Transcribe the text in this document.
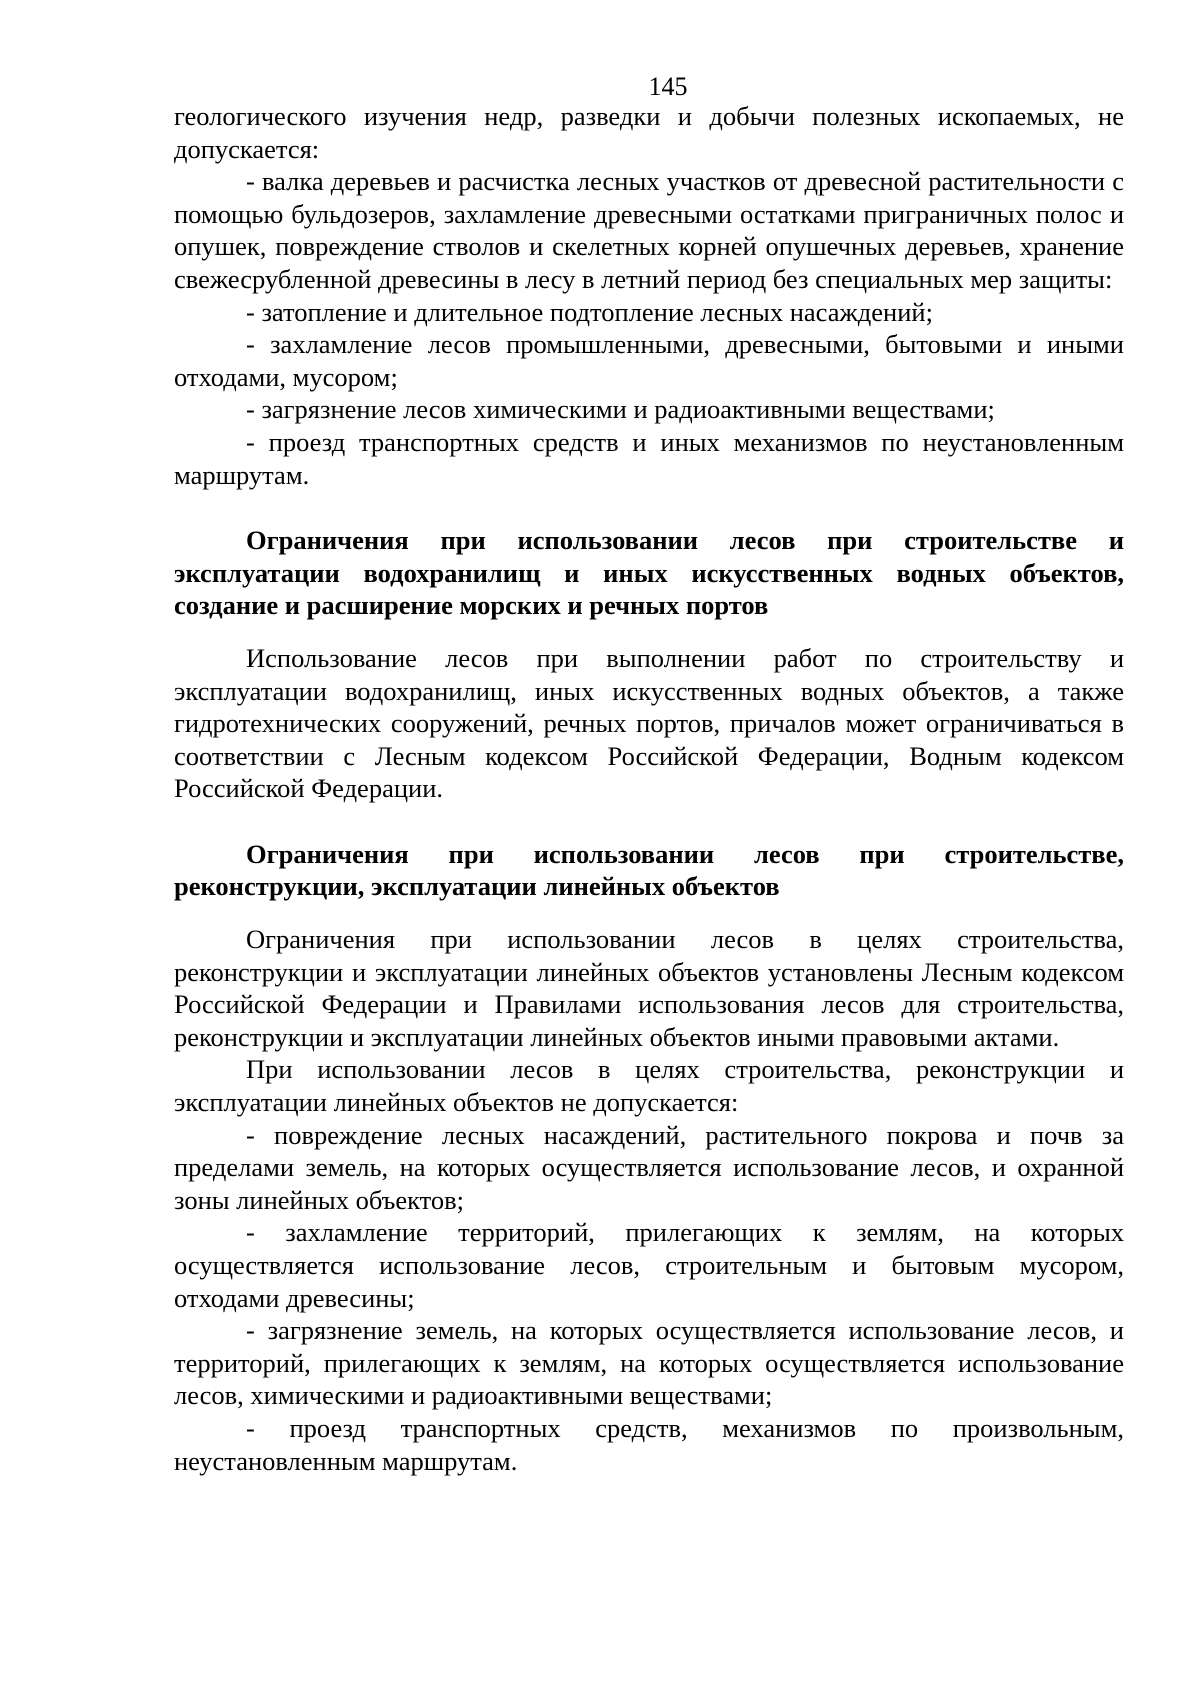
145

геологического изучения недр, разведки и добычи полезных ископаемых, не допускается:

- валка деревьев и расчистка лесных участков от древесной растительности с помощью бульдозеров, захламление древесными остатками приграничных полос и опушек, повреждение стволов и скелетных корней опушечных деревьев, хранение свежесрубленной древесины в лесу в летний период без специальных мер защиты:

- затопление и длительное подтопление лесных насаждений;

- захламление лесов промышленными, древесными, бытовыми и иными отходами, мусором;

- загрязнение лесов химическими и радиоактивными веществами;

- проезд транспортных средств и иных механизмов по неустановленным маршрутам.

Ограничения при использовании лесов при строительстве и эксплуатации водохранилищ и иных искусственных водных объектов, создание и расширение морских и речных портов

Использование лесов при выполнении работ по строительству и эксплуатации водохранилищ, иных искусственных водных объектов, а также гидротехнических сооружений, речных портов, причалов может ограничиваться в соответствии с Лесным кодексом Российской Федерации, Водным кодексом Российской Федерации.

Ограничения при использовании лесов при строительстве, реконструкции, эксплуатации линейных объектов

Ограничения при использовании лесов в целях строительства, реконструкции и эксплуатации линейных объектов установлены Лесным кодексом Российской Федерации и Правилами использования лесов для строительства, реконструкции и эксплуатации линейных объектов иными правовыми актами.

При использовании лесов в целях строительства, реконструкции и эксплуатации линейных объектов не допускается:

- повреждение лесных насаждений, растительного покрова и почв за пределами земель, на которых осуществляется использование лесов, и охранной зоны линейных объектов;

- захламление территорий, прилегающих к землям, на которых осуществляется использование лесов, строительным и бытовым мусором, отходами древесины;

- загрязнение земель, на которых осуществляется использование лесов, и территорий, прилегающих к землям, на которых осуществляется использование лесов, химическими и радиоактивными веществами;

- проезд транспортных средств, механизмов по произвольным, неустановленным маршрутам.
